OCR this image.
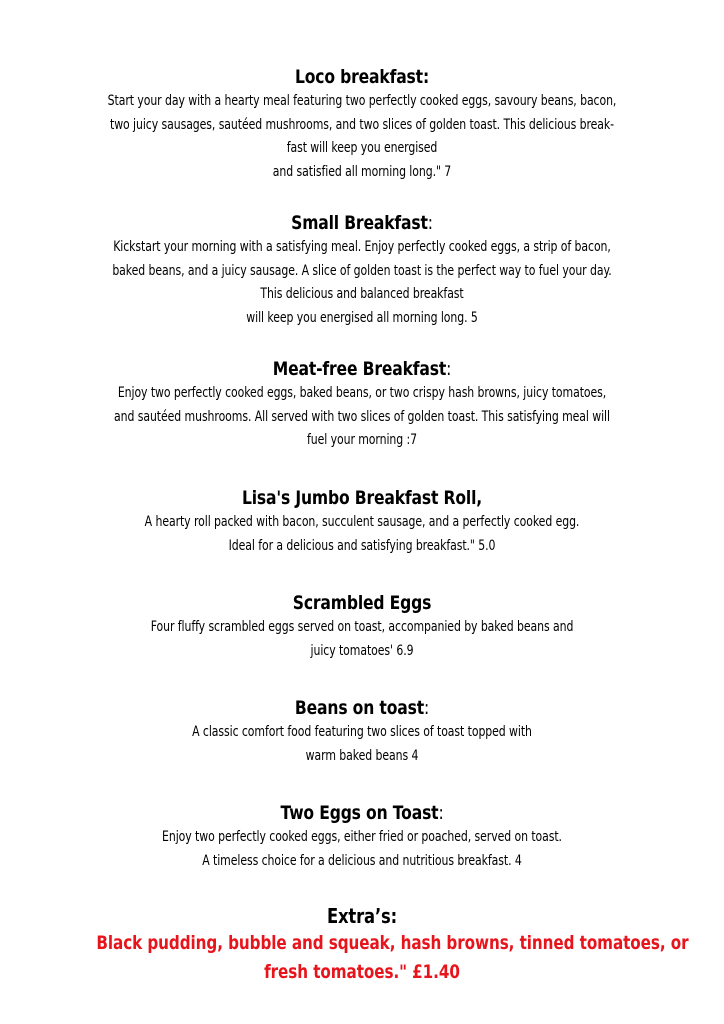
Loco breakfast:
Start your day with a hearty meal featuring two perfectly cooked eggs, savoury beans, bacon,
two juicy sausages, sautéed mushrooms, and two slices of golden toast. This delicious break-
fast will keep you energised
and satisfied all morning long." 7
Small Breakfast:
Kickstart your morning with a satisfying meal. Enjoy perfectly cooked eggs, a strip of bacon,
baked beans, and a juicy sausage. A slice of golden toast is the perfect way to fuel your day.
This delicious and balanced breakfast
will keep you energised all morning long. 5
Meat-free Breakfast:
Enjoy two perfectly cooked eggs, baked beans, or two crispy hash browns, juicy tomatoes,
and sautéed mushrooms. All served with two slices of golden toast. This satisfying meal will
fuel your morning :7
Lisa's Jumbo Breakfast Roll,
A hearty roll packed with bacon, succulent sausage, and a perfectly cooked egg.
Ideal for a delicious and satisfying breakfast." 5.0
Scrambled Eggs
Four fluffy scrambled eggs served on toast, accompanied by baked beans and
juicy tomatoes' 6.9
Beans on toast:
A classic comfort food featuring two slices of toast topped with
warm baked beans 4
Two Eggs on Toast:
Enjoy two perfectly cooked eggs, either fried or poached, served on toast.
A timeless choice for a delicious and nutritious breakfast. 4
Extra’s:
Black pudding, bubble and squeak, hash browns, tinned tomatoes, or
fresh tomatoes." £1.40
